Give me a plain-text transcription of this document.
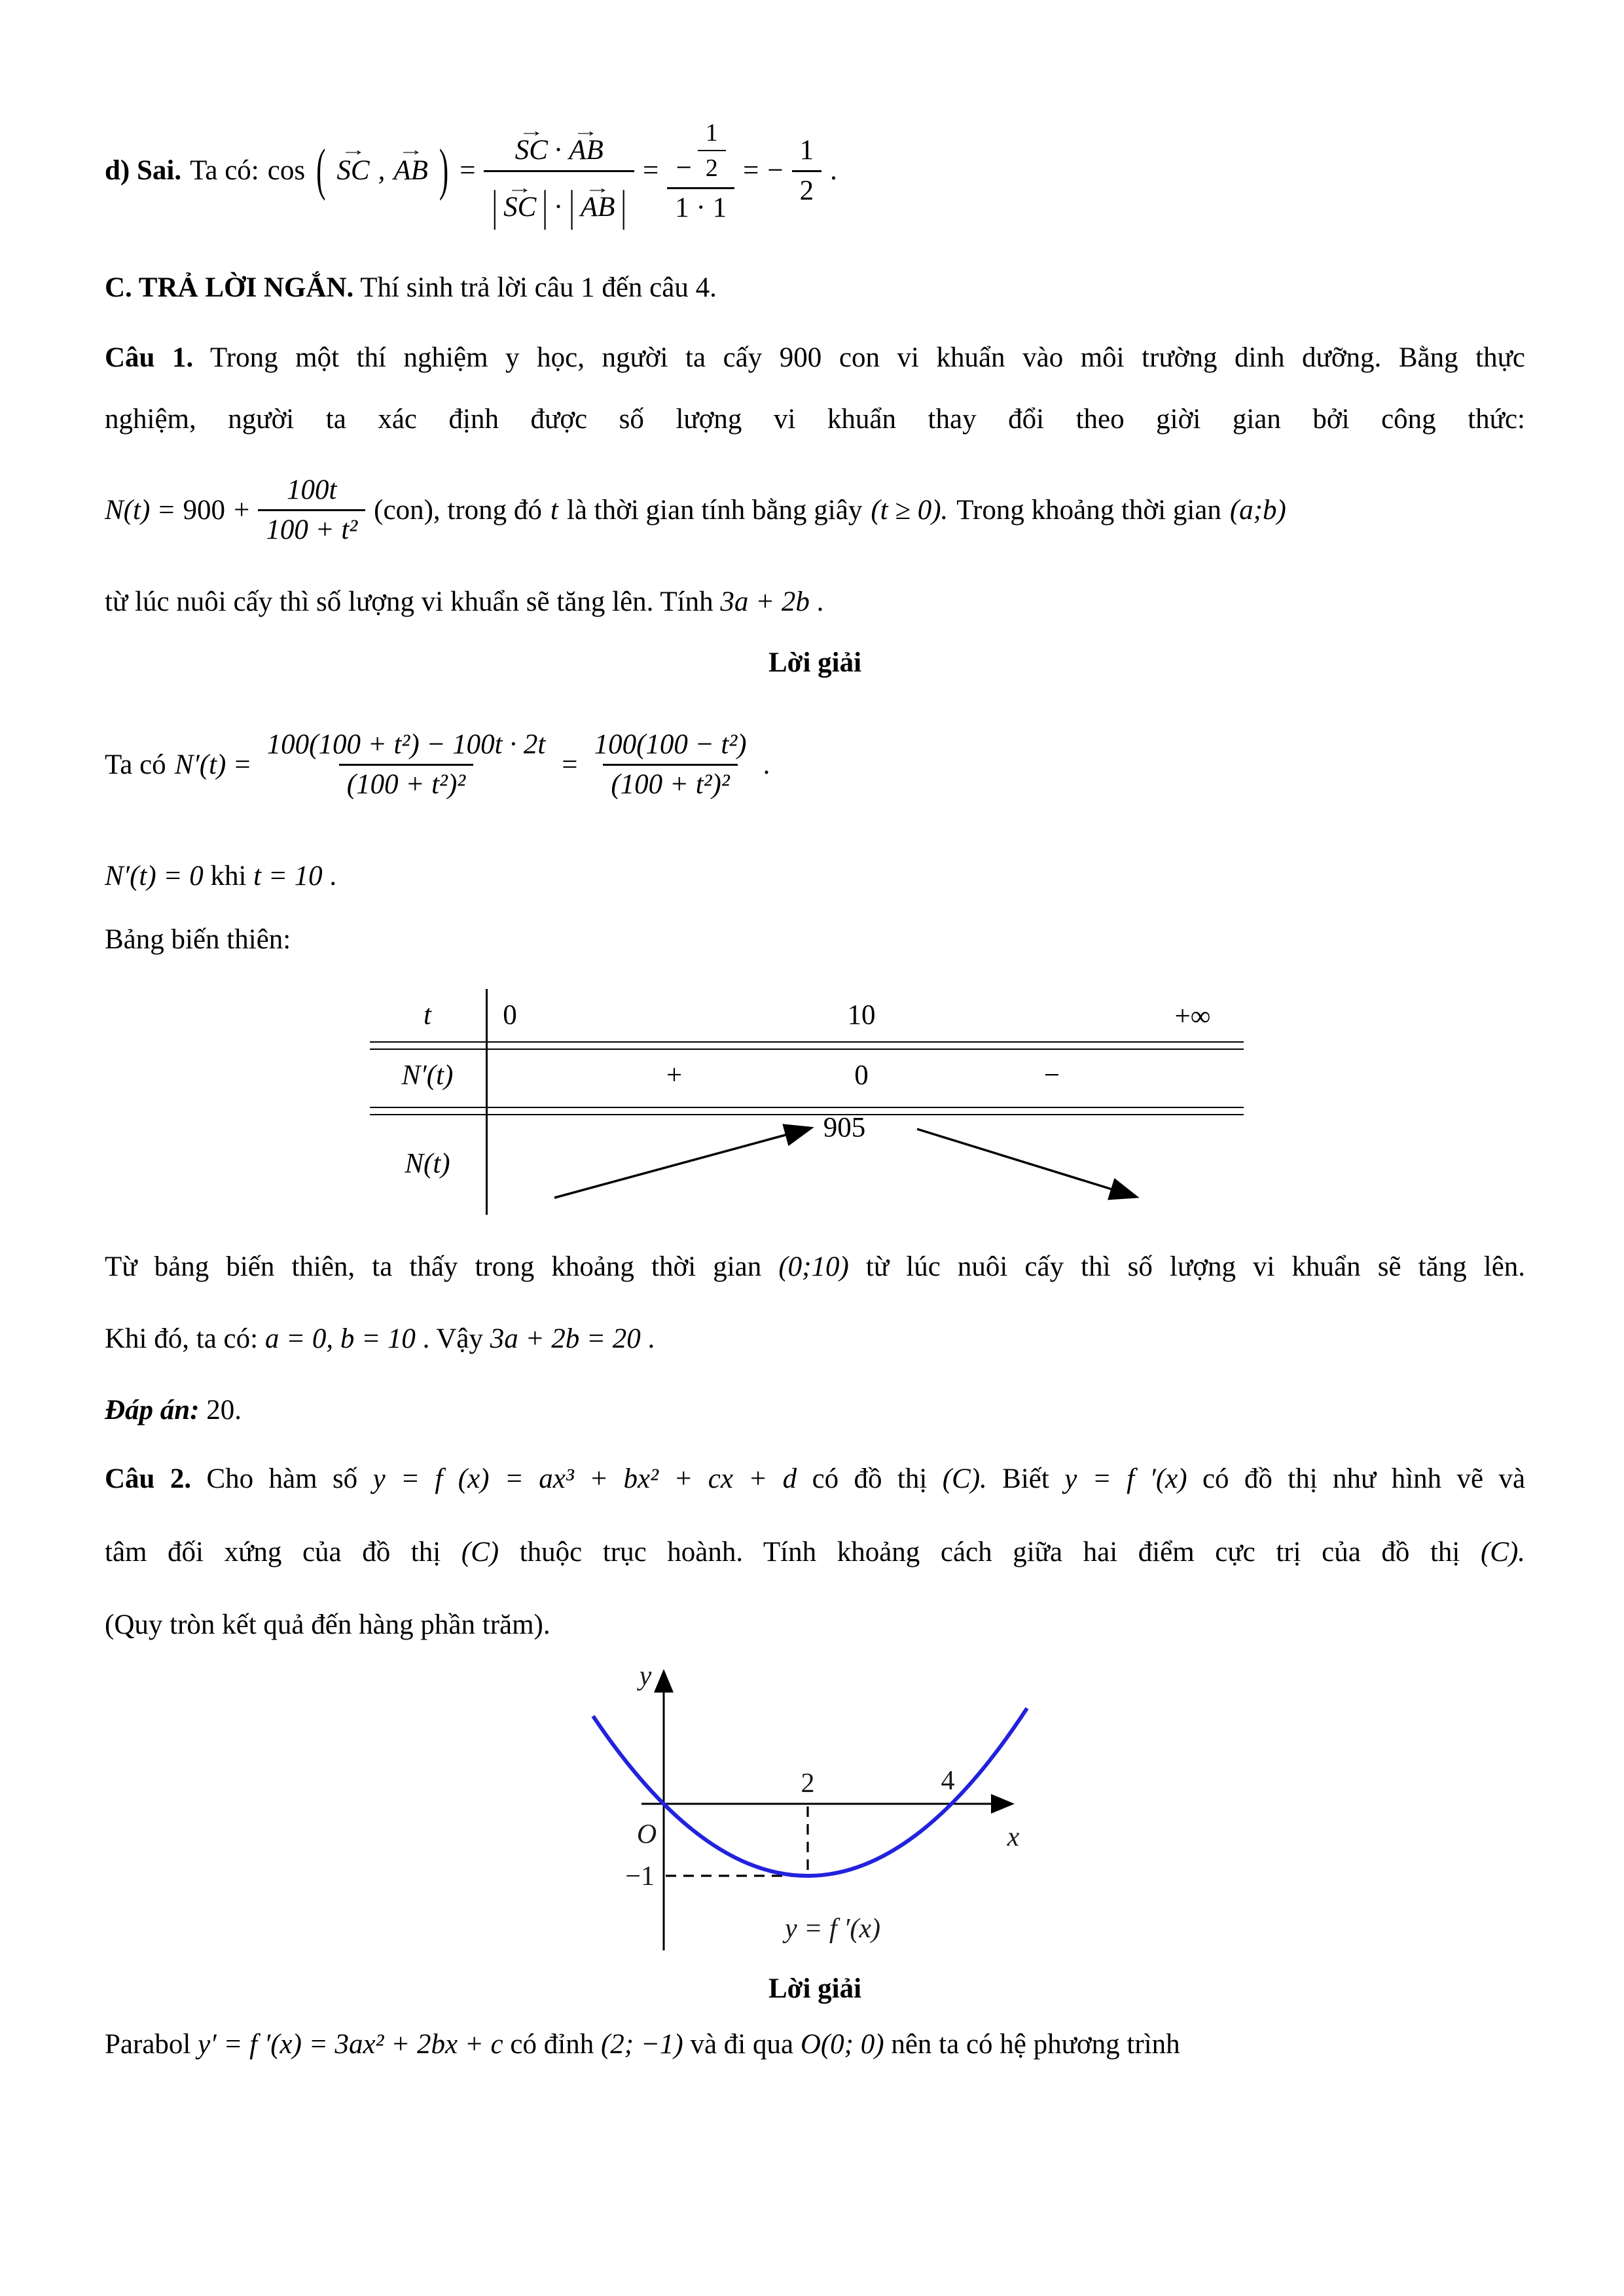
d) Sai. Ta có: cos ( →
SC ,
→
AB ) =
→
SC ·
→
AB
| →
SC | · | →
AB |
= $\frac{- \frac{1}{2}}{1 \cdot 1}$ = − $\frac{1}{2}$ .
C. TRẢ LỜI NGẮN. Thí sinh trả lời câu 1 đến câu 4.
Câu 1. Trong một thí nghiệm y học, người ta cấy 900 con vi khuẩn vào môi trường dinh dưỡng. Bằng thực
nghiệm, người ta xác định được số lượng vi khuẩn thay đổi theo giời gian bởi công thức:
$N(t) = 900 + \frac{100t}{\text{100 + t²}} (con)$, trong đó t là thời gian tính bằng giây (t ≥ 0). Trong khoảng thời gian (a;b)
từ lúc nuôi cấy thì số lượng vi khuẩn sẽ tăng lên. Tính 3a + 2b .
Lời giải
Ta có $N'(t) = \frac{\text{100(100 + t²) − 100t · 2t}}{\text{(100 + t²)²}} = \frac{\text{100(100 − t²)}}{\text{(100 + t²)²}}$ .
N′(t) = 0 khi t = 10 .
Bảng biến thiên:
t	0	10	+∞
N′(t)	+	0	−
N(t)
905
Từ bảng biến thiên, ta thấy trong khoảng thời gian (0;10) từ lúc nuôi cấy thì số lượng vi khuẩn sẽ tăng lên.
Khi đó, ta có: a = 0, b = 10 . Vậy 3a + 2b = 20 .
Đáp án: 20.
Câu 2. Cho hàm số y = f (x) = ax³ + bx² + cx + d có đồ thị (C). Biết y = f ′(x) có đồ thị như hình vẽ và
tâm đối xứng của đồ thị (C) thuộc trục hoành. Tính khoảng cách giữa hai điểm cực trị của đồ thị (C).
(Quy tròn kết quả đến hàng phần trăm).
y
x
O
2	4
−1
y = f ′(x)
Lời giải
Parabol y′ = f ′(x) = 3ax² + 2bx + c có đỉnh (2; −1) và đi qua O(0; 0) nên ta có hệ phương trình
